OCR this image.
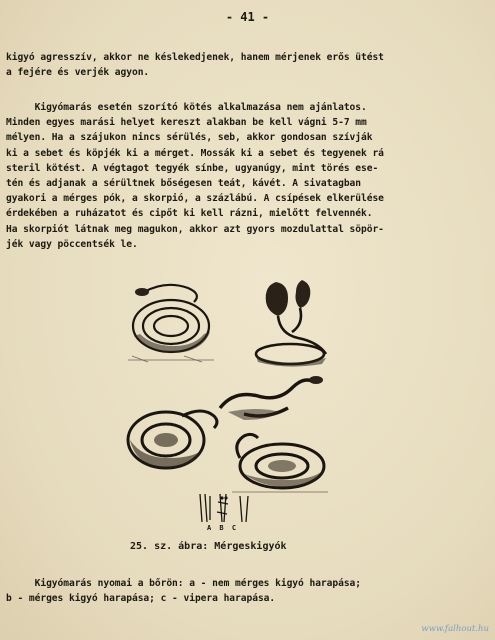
- 41 -

kigyó agresszív, akkor ne késlekedjenek, hanem mérjenek erős ütést
a fejére és verjék agyon.

Kigyómarás esetén szorító kötés alkalmazása nem ajánlatos.
Minden egyes marási helyet kereszt alakban be kell vágni 5-7 mm
mélyen. Ha a szájukon nincs sérülés, seb, akkor gondosan szívják
ki a sebet és köpjék ki a mérget. Mossák ki a sebet és tegyenek rá
steril kötést. A végtagot tegyék sínbe, ugyanúgy, mint törés ese-
tén és adjanak a sérültnek bőségesen teát, kávét. A sivatagban
gyakori a mérges pók, a skorpió, a százlábú. A csípések elkerülése
érdekében a ruházatot és cipőt ki kell rázni, mielőtt felvennék.
Ha skorpiót látnak meg magukon, akkor azt gyors mozdulattal söpör-
jék vagy pöccentsék le.

A B C
25. sz. ábra: Mérgeskigyók

Kigyómarás nyomai a bőrön: a - nem mérges kigyó harapása;
b - mérges kigyó harapása; c - vipera harapása.

www.falhout.hu
